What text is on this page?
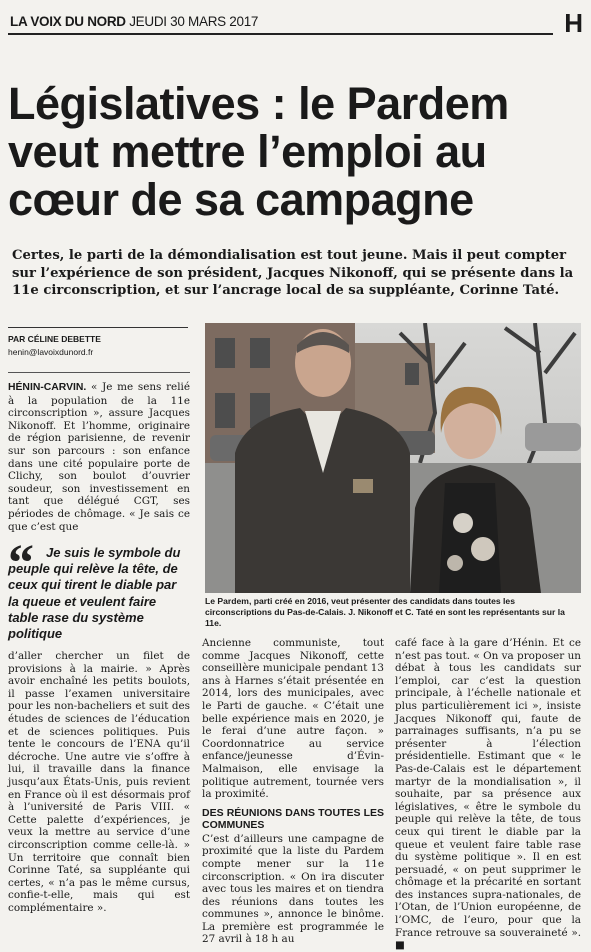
LA VOIX DU NORD JEUDI 30 MARS 2017	H
Législatives : le Pardem veut mettre l’emploi au cœur de sa campagne

Certes, le parti de la démondialisation est tout jeune. Mais il peut compter sur l’expérience de son président, Jacques Nikonoff, qui se présente dans la 11e circonscription, et sur l’ancrage local de sa suppléante, Corinne Taté.

PAR CÉLINE DEBETTE
henin@lavoixdunord.fr
Le Pardem, parti créé en 2016, veut présenter des candidats dans toutes les circonscriptions du Pas-de-Calais. J. Nikonoff et C. Taté en sont les représentants sur la 11e.

HÉNIN-CARVIN. « Je me sens relié à la population de la 11e circonscription », assure Jacques Nikonoff. Et l’homme, originaire de région parisienne, de revenir sur son parcours : son enfance dans une cité populaire porte de Clichy, son boulot d’ouvrier soudeur, son investissement en tant que délégué CGT, ses périodes de chômage. « Je sais ce que c’est que

“ Je suis le symbole du peuple qui relève la tête, de ceux qui tirent le diable par la queue et veulent faire table rase du système politique

d’aller chercher un filet de provisions à la mairie. » Après avoir enchaîné les petits boulots, il passe l’examen universitaire pour les non-bacheliers et suit des études de sciences de l’éducation et de sciences politiques. Puis tente le concours de l’ENA qu’il décroche. Une autre vie s’offre à lui, il travaille dans la finance jusqu’aux États-Unis, puis revient en France où il est désormais prof à l’université de Paris VIII. « Cette palette d’expériences, je veux la mettre au service d’une circonscription comme celle-là. » Un territoire que connaît bien Corinne Taté, sa suppléante qui certes, « n’a pas le même cursus, confie-t-elle, mais qui est complémentaire ».

Ancienne communiste, tout comme Jacques Nikonoff, cette conseillère municipale pendant 13 ans à Harnes s’était présentée en 2014, lors des municipales, avec le Parti de gauche. « C’était une belle expérience mais en 2020, je le ferai d’une autre façon. » Coordonnatrice au service enfance/jeunesse d’Évin-Malmaison, elle envisage la politique autrement, tournée vers la proximité.

DES RÉUNIONS DANS TOUTES LES COMMUNES

C’est d’ailleurs une campagne de proximité que la liste du Pardem compte mener sur la 11e circonscription. « On ira discuter avec tous les maires et on tiendra des réunions dans toutes les communes », annonce le binôme. La première est programmée le 27 avril à 18 h au

café face à la gare d’Hénin. Et ce n’est pas tout. « On va proposer un débat à tous les candidats sur l’emploi, car c’est la question principale, à l’échelle nationale et plus particulièrement ici », insiste Jacques Nikonoff qui, faute de parrainages suffisants, n’a pu se présenter à l’élection présidentielle. Estimant que « le Pas-de-Calais est le département martyr de la mondialisation », il souhaite, par sa présence aux législatives, « être le symbole du peuple qui relève la tête, de tous ceux qui tirent le diable par la queue et veulent faire table rase du système politique ». Il en est persuadé, « on peut supprimer le chômage et la précarité en sortant des instances supra-nationales, de l’Otan, de l’Union européenne, de l’OMC, de l’euro, pour que la France retrouve sa souveraineté ». ■
